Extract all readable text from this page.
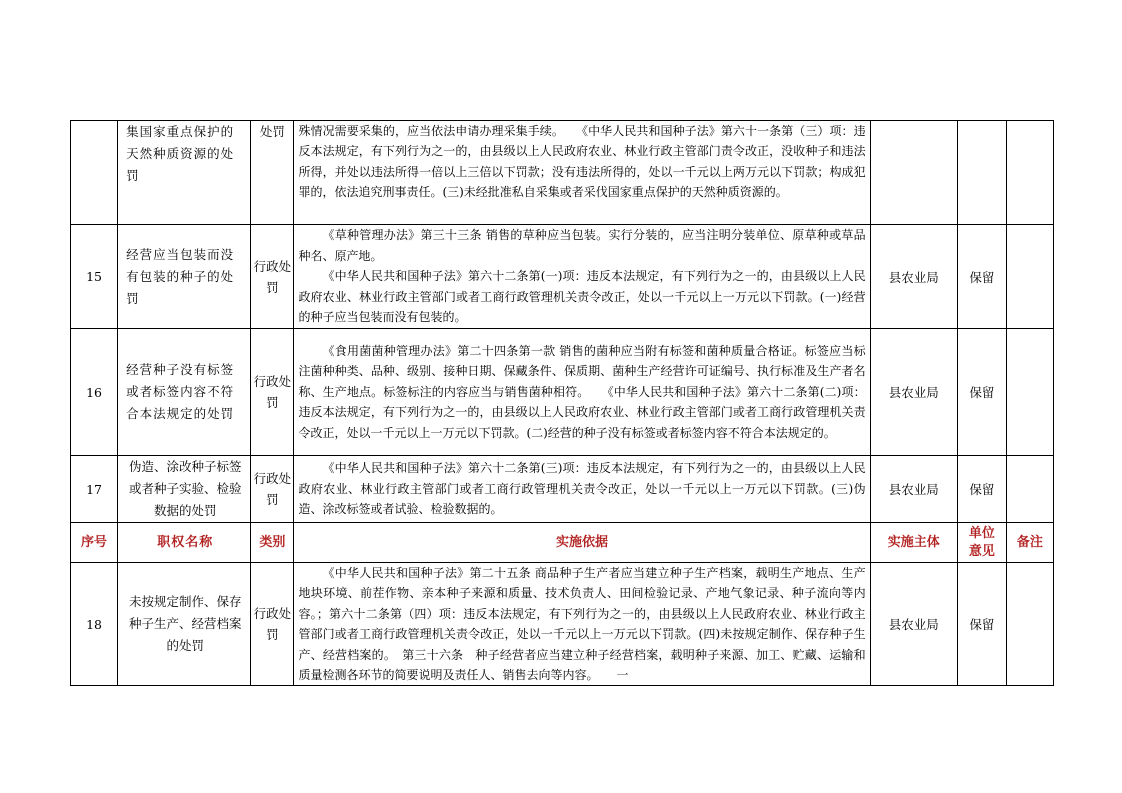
	集国家重点保护的天然种质资源的处罚	处罚	殊情况需要采集的，应当依法申请办理采集手续。　　《中华人民共和国种子法》第六十一条第（三）项：违反本法规定，有下列行为之一的，由县级以上人民政府农业、林业行政主管部门责令改正，没收种子和违法所得，并处以违法所得一倍以上三倍以下罚款；没有违法所得的，处以一千元以上两万元以下罚款；构成犯罪的，依法追究刑事责任。(三)未经批准私自采集或者采伐国家重点保护的天然种质资源的。			

15	经营应当包装而没有包装的种子的处罚	行政处罚	《草种管理办法》第三十三条 销售的草种应当包装。实行分装的，应当注明分装单位、原草种或草品种名、原产地。
《中华人民共和国种子法》第六十二条第(一)项：违反本法规定，有下列行为之一的，由县级以上人民政府农业、林业行政主管部门或者工商行政管理机关责令改正，处以一千元以上一万元以下罚款。(一)经营的种子应当包装而没有包装的。	县农业局	保留	
16	经营种子没有标签或者标签内容不符合本法规定的处罚	行政处罚	《食用菌菌种管理办法》第二十四条第一款 销售的菌种应当附有标签和菌种质量合格证。标签应当标注菌种种类、品种、级别、接种日期、保藏条件、保质期、菌种生产经营许可证编号、执行标准及生产者名称、生产地点。标签标注的内容应当与销售菌种相符。　　《中华人民共和国种子法》第六十二条第(二)项：违反本法规定，有下列行为之一的，由县级以上人民政府农业、林业行政主管部门或者工商行政管理机关责令改正，处以一千元以上一万元以下罚款。(二)经营的种子没有标签或者标签内容不符合本法规定的。	县农业局	保留	
17	伪造、涂改种子标签或者种子实验、检验数据的处罚	行政处罚	《中华人民共和国种子法》第六十二条第(三)项：违反本法规定，有下列行为之一的，由县级以上人民政府农业、林业行政主管部门或者工商行政管理机关责令改正，处以一千元以上一万元以下罚款。(三)伪造、涂改标签或者试验、检验数据的。	县农业局	保留	
序号	职权名称	类别	实施依据	实施主体	单位意见	备注
18	未按规定制作、保存种子生产、经营档案的处罚	行政处罚	《中华人民共和国种子法》第二十五条 商品种子生产者应当建立种子生产档案，载明生产地点、生产地块环境、前茬作物、亲本种子来源和质量、技术负责人、田间检验记录、产地气象记录、种子流向等内容。；第六十二条第（四）项：违反本法规定，有下列行为之一的，由县级以上人民政府农业、林业行政主管部门或者工商行政管理机关责令改正，处以一千元以上一万元以下罚款。(四)未按规定制作、保存种子生产、经营档案的。　第三十六条　种子经营者应当建立种子经营档案，载明种子来源、加工、贮藏、运输和质量检测各环节的简要说明及责任人、销售去向等内容。　　一	县农业局	保留	
